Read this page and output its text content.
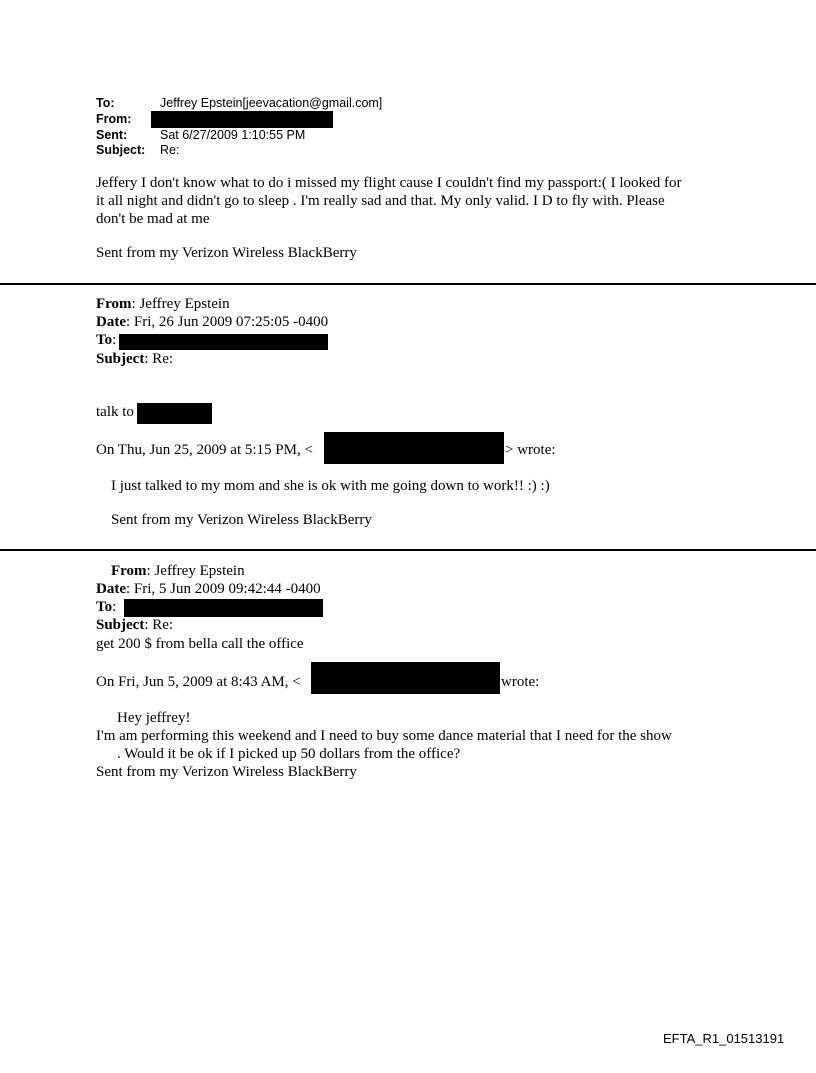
To:	Jeffrey Epstein[jeevacation@gmail.com]
From:
Sent:	Sat 6/27/2009 1:10:55 PM
Subject: Re:
Jeffery I don't know what to do i missed my flight cause I couldn't find my passport:( I looked for
it all night and didn't go to sleep . I'm really sad and that. My only valid. I D to fly with. Please
don't be mad at me
Sent from my Verizon Wireless BlackBerry
From: Jeffrey Epstein
Date: Fri, 26 Jun 2009 07:25:05 -0400
To:
Subject: Re:
talk to
On Thu, Jun 25, 2009 at 5:15 PM, <	> wrote:
I just talked to my mom and she is ok with me going down to work!! :) :)
Sent from my Verizon Wireless BlackBerry
From: Jeffrey Epstein
Date: Fri, 5 Jun 2009 09:42:44 -0400
To:
Subject: Re:
get 200 $ from bella call the office
On Fri, Jun 5, 2009 at 8:43 AM, <	wrote:
Hey jeffrey!
I'm am performing this weekend and I need to buy some dance material that I need for the show
. Would it be ok if I picked up 50 dollars from the office?
Sent from my Verizon Wireless BlackBerry
EFTA_R1_01513191
